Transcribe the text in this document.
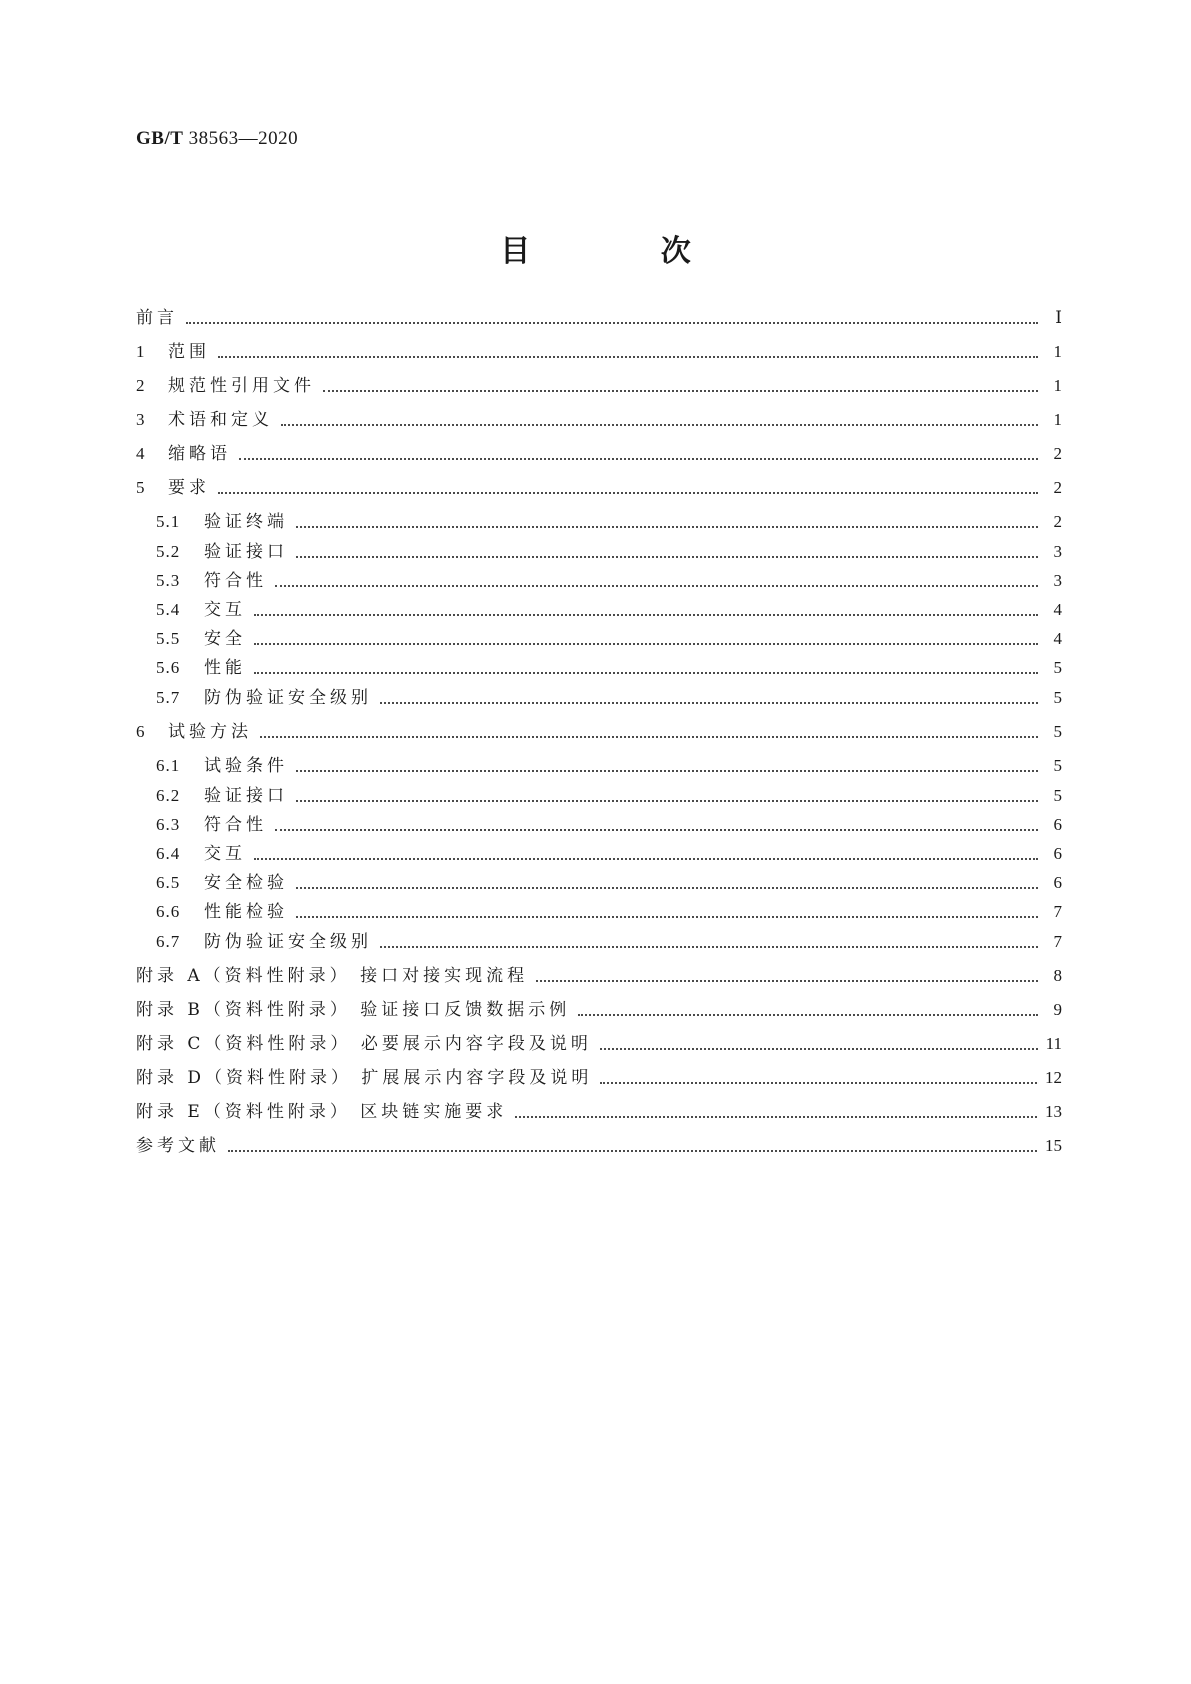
GB/T 38563—2020
目 次
前言	Ⅰ
1	范围	1
2	规范性引用文件	1
3	术语和定义	1
4	缩略语	2
5	要求	2
5.1	验证终端	2
5.2	验证接口	3
5.3	符合性	3
5.4	交互	4
5.5	安全	4
5.6	性能	5
5.7	防伪验证安全级别	5
6	试验方法	5
6.1	试验条件	5
6.2	验证接口	5
6.3	符合性	6
6.4	交互	6
6.5	安全检验	6
6.6	性能检验	7
6.7	防伪验证安全级别	7
附录 A（资料性附录） 接口对接实现流程	8
附录 B（资料性附录） 验证接口反馈数据示例	9
附录 C（资料性附录） 必要展示内容字段及说明	11
附录 D（资料性附录） 扩展展示内容字段及说明	12
附录 E（资料性附录） 区块链实施要求	13
参考文献	15
